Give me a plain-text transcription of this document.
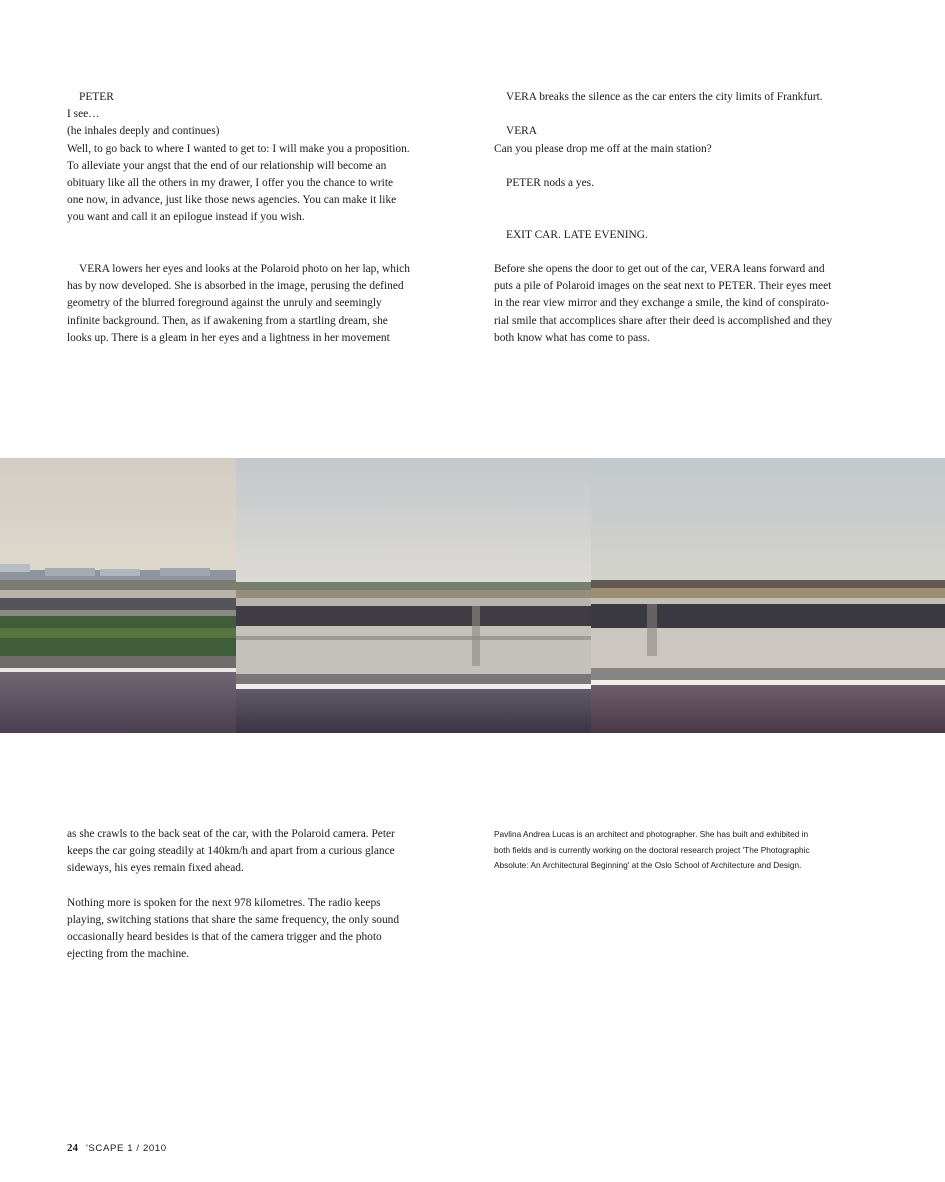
PETER

I see…

(he inhales deeply and continues)

Well, to go back to where I wanted to get to: I will make you a proposition.

To alleviate your angst that the end of our relationship will become an

obituary like all the others in my drawer, I offer you the chance to write

one now, in advance, just like those news agencies. You can make it like

you want and call it an epilogue instead if you wish.

VERA lowers her eyes and looks at the Polaroid photo on her lap, which

has by now developed. She is absorbed in the image, perusing the defined

geometry of the blurred foreground against the unruly and seemingly

infinite background. Then, as if awakening from a startling dream, she

looks up. There is a gleam in her eyes and a lightness in her movement

VERA breaks the silence as the car enters the city limits of Frankfurt.

VERA

Can you please drop me off at the main station?

PETER nods a yes.

EXIT CAR. LATE EVENING.

Before she opens the door to get out of the car, VERA leans forward and

puts a pile of Polaroid images on the seat next to PETER. Their eyes meet

in the rear view mirror and they exchange a smile, the kind of conspirato-

rial smile that accomplices share after their deed is accomplished and they

both know what has come to pass.

as she crawls to the back seat of the car, with the Polaroid camera. Peter

keeps the car going steadily at 140km/h and apart from a curious glance

sideways, his eyes remain fixed ahead.

Nothing more is spoken for the next 978 kilometres. The radio keeps

playing, switching stations that share the same frequency, the only sound

occasionally heard besides is that of the camera trigger and the photo

ejecting from the machine.

Pavlina Andrea Lucas is an architect and photographer. She has built and exhibited in
both fields and is currently working on the doctoral research project 'The Photographic
Absolute: An Architectural Beginning' at the Oslo School of Architecture and Design.
24 'SCAPE 1 / 2010
